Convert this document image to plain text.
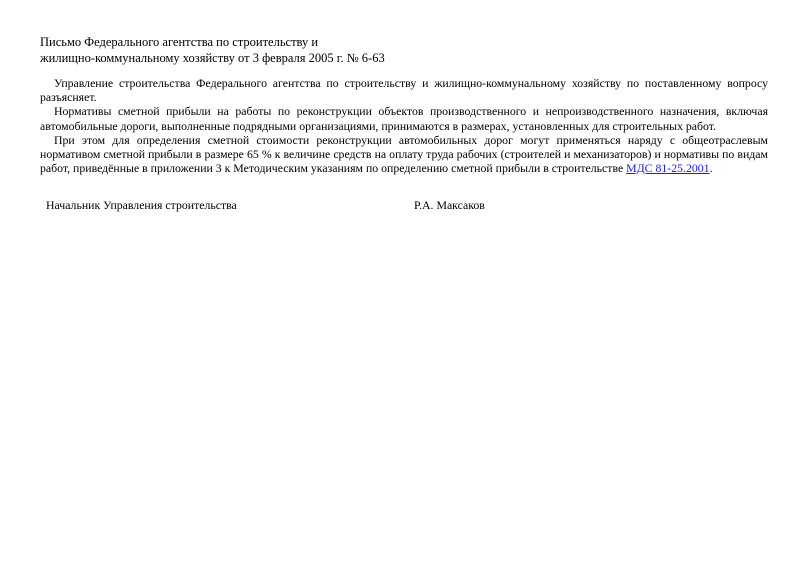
Письмо Федерального агентства по строительству и
жилищно-коммунальному хозяйству от 3 февраля 2005 г. № 6-63

Управление строительства Федерального агентства по строительству и жилищно-коммунальному хозяйству по поставленному вопросу разъясняет.

Нормативы сметной прибыли на работы по реконструкции объектов производственного и непроизводственного назначения, включая автомобильные дороги, выполненные подрядными организациями, принимаются в размерах, установленных для строительных работ.

При этом для определения сметной стоимости реконструкции автомобильных дорог могут применяться наряду с общеотраслевым нормативом сметной прибыли в размере 65 % к величине средств на оплату труда рабочих (строителей и механизаторов) и нормативы по видам работ, приведённые в приложении 3 к Методическим указаниям по определению сметной прибыли в строительстве МДС 81-25.2001.

Начальник Управления строительства	Р.А. Максаков
